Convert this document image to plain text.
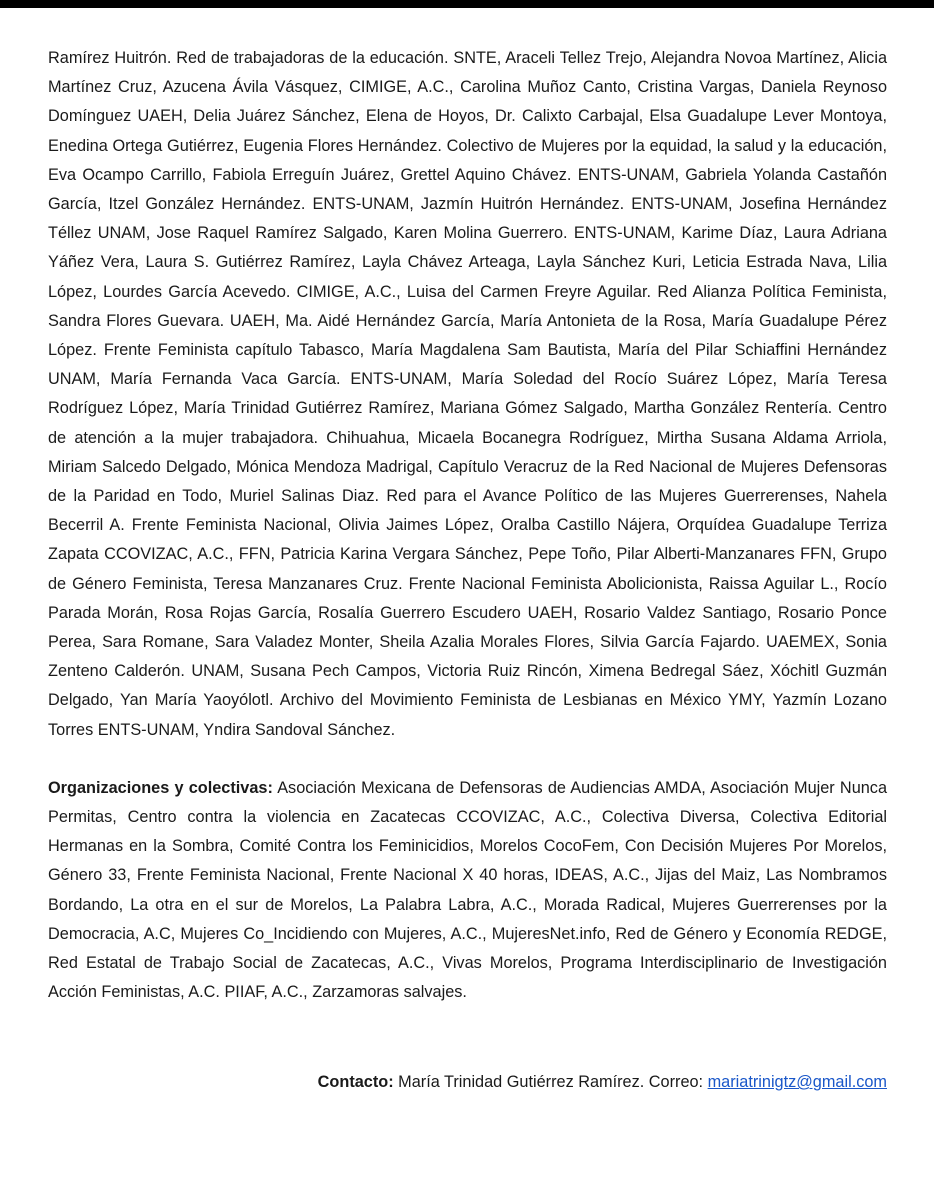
Ramírez Huitrón. Red de trabajadoras de la educación. SNTE, Araceli Tellez Trejo, Alejandra Novoa Martínez, Alicia Martínez Cruz, Azucena Ávila Vásquez, CIMIGE, A.C., Carolina Muñoz Canto, Cristina Vargas, Daniela Reynoso Domínguez UAEH, Delia Juárez Sánchez, Elena de Hoyos, Dr. Calixto Carbajal, Elsa Guadalupe Lever Montoya, Enedina Ortega Gutiérrez, Eugenia Flores Hernández. Colectivo de Mujeres por la equidad, la salud y la educación, Eva Ocampo Carrillo, Fabiola Erreguín Juárez, Grettel Aquino Chávez. ENTS-UNAM, Gabriela Yolanda Castañón García, Itzel González Hernández. ENTS-UNAM, Jazmín Huitrón Hernández. ENTS-UNAM, Josefina Hernández Téllez UNAM, Jose Raquel Ramírez Salgado, Karen Molina Guerrero. ENTS-UNAM, Karime Díaz, Laura Adriana Yáñez Vera, Laura S. Gutiérrez Ramírez, Layla Chávez Arteaga, Layla Sánchez Kuri, Leticia Estrada Nava, Lilia López, Lourdes García Acevedo. CIMIGE, A.C., Luisa del Carmen Freyre Aguilar. Red Alianza Política Feminista, Sandra Flores Guevara. UAEH, Ma. Aidé Hernández García, María Antonieta de la Rosa, María Guadalupe Pérez López. Frente Feminista capítulo Tabasco, María Magdalena Sam Bautista, María del Pilar Schiaffini Hernández UNAM, María Fernanda Vaca García. ENTS-UNAM, María Soledad del Rocío Suárez López, María Teresa Rodríguez López, María Trinidad Gutiérrez Ramírez, Mariana Gómez Salgado, Martha González Rentería. Centro de atención a la mujer trabajadora. Chihuahua, Micaela Bocanegra Rodríguez, Mirtha Susana Aldama Arriola, Miriam Salcedo Delgado, Mónica Mendoza Madrigal, Capítulo Veracruz de la Red Nacional de Mujeres Defensoras de la Paridad en Todo, Muriel Salinas Diaz. Red para el Avance Político de las Mujeres Guerrerenses, Nahela Becerril A. Frente Feminista Nacional, Olivia Jaimes López, Oralba Castillo Nájera, Orquídea Guadalupe Terriza Zapata CCOVIZAC, A.C., FFN, Patricia Karina Vergara Sánchez, Pepe Toño, Pilar Alberti-Manzanares FFN, Grupo de Género Feminista, Teresa Manzanares Cruz. Frente Nacional Feminista Abolicionista, Raissa Aguilar L., Rocío Parada Morán, Rosa Rojas García, Rosalía Guerrero Escudero UAEH, Rosario Valdez Santiago, Rosario Ponce Perea, Sara Romane, Sara Valadez Monter, Sheila Azalia Morales Flores, Silvia García Fajardo. UAEMEX, Sonia Zenteno Calderón. UNAM, Susana Pech Campos, Victoria Ruiz Rincón, Ximena Bedregal Sáez, Xóchitl Guzmán Delgado, Yan María Yaoyólotl. Archivo del Movimiento Feminista de Lesbianas en México YMY, Yazmín Lozano Torres ENTS-UNAM, Yndira Sandoval Sánchez.

Organizaciones y colectivas: Asociación Mexicana de Defensoras de Audiencias AMDA, Asociación Mujer Nunca Permitas, Centro contra la violencia en Zacatecas CCOVIZAC, A.C., Colectiva Diversa, Colectiva Editorial Hermanas en la Sombra, Comité Contra los Feminicidios, Morelos CocoFem, Con Decisión Mujeres Por Morelos, Género 33, Frente Feminista Nacional, Frente Nacional X 40 horas, IDEAS, A.C., Jijas del Maiz, Las Nombramos Bordando, La otra en el sur de Morelos, La Palabra Labra, A.C., Morada Radical, Mujeres Guerrerenses por la Democracia, A.C, Mujeres Co_Incidiendo con Mujeres, A.C., MujeresNet.info, Red de Género y Economía REDGE, Red Estatal de Trabajo Social de Zacatecas, A.C., Vivas Morelos, Programa Interdisciplinario de Investigación Acción Feministas, A.C. PIIAF, A.C., Zarzamoras salvajes.

Contacto: María Trinidad Gutiérrez Ramírez. Correo: mariatrinigtz@gmail.com
